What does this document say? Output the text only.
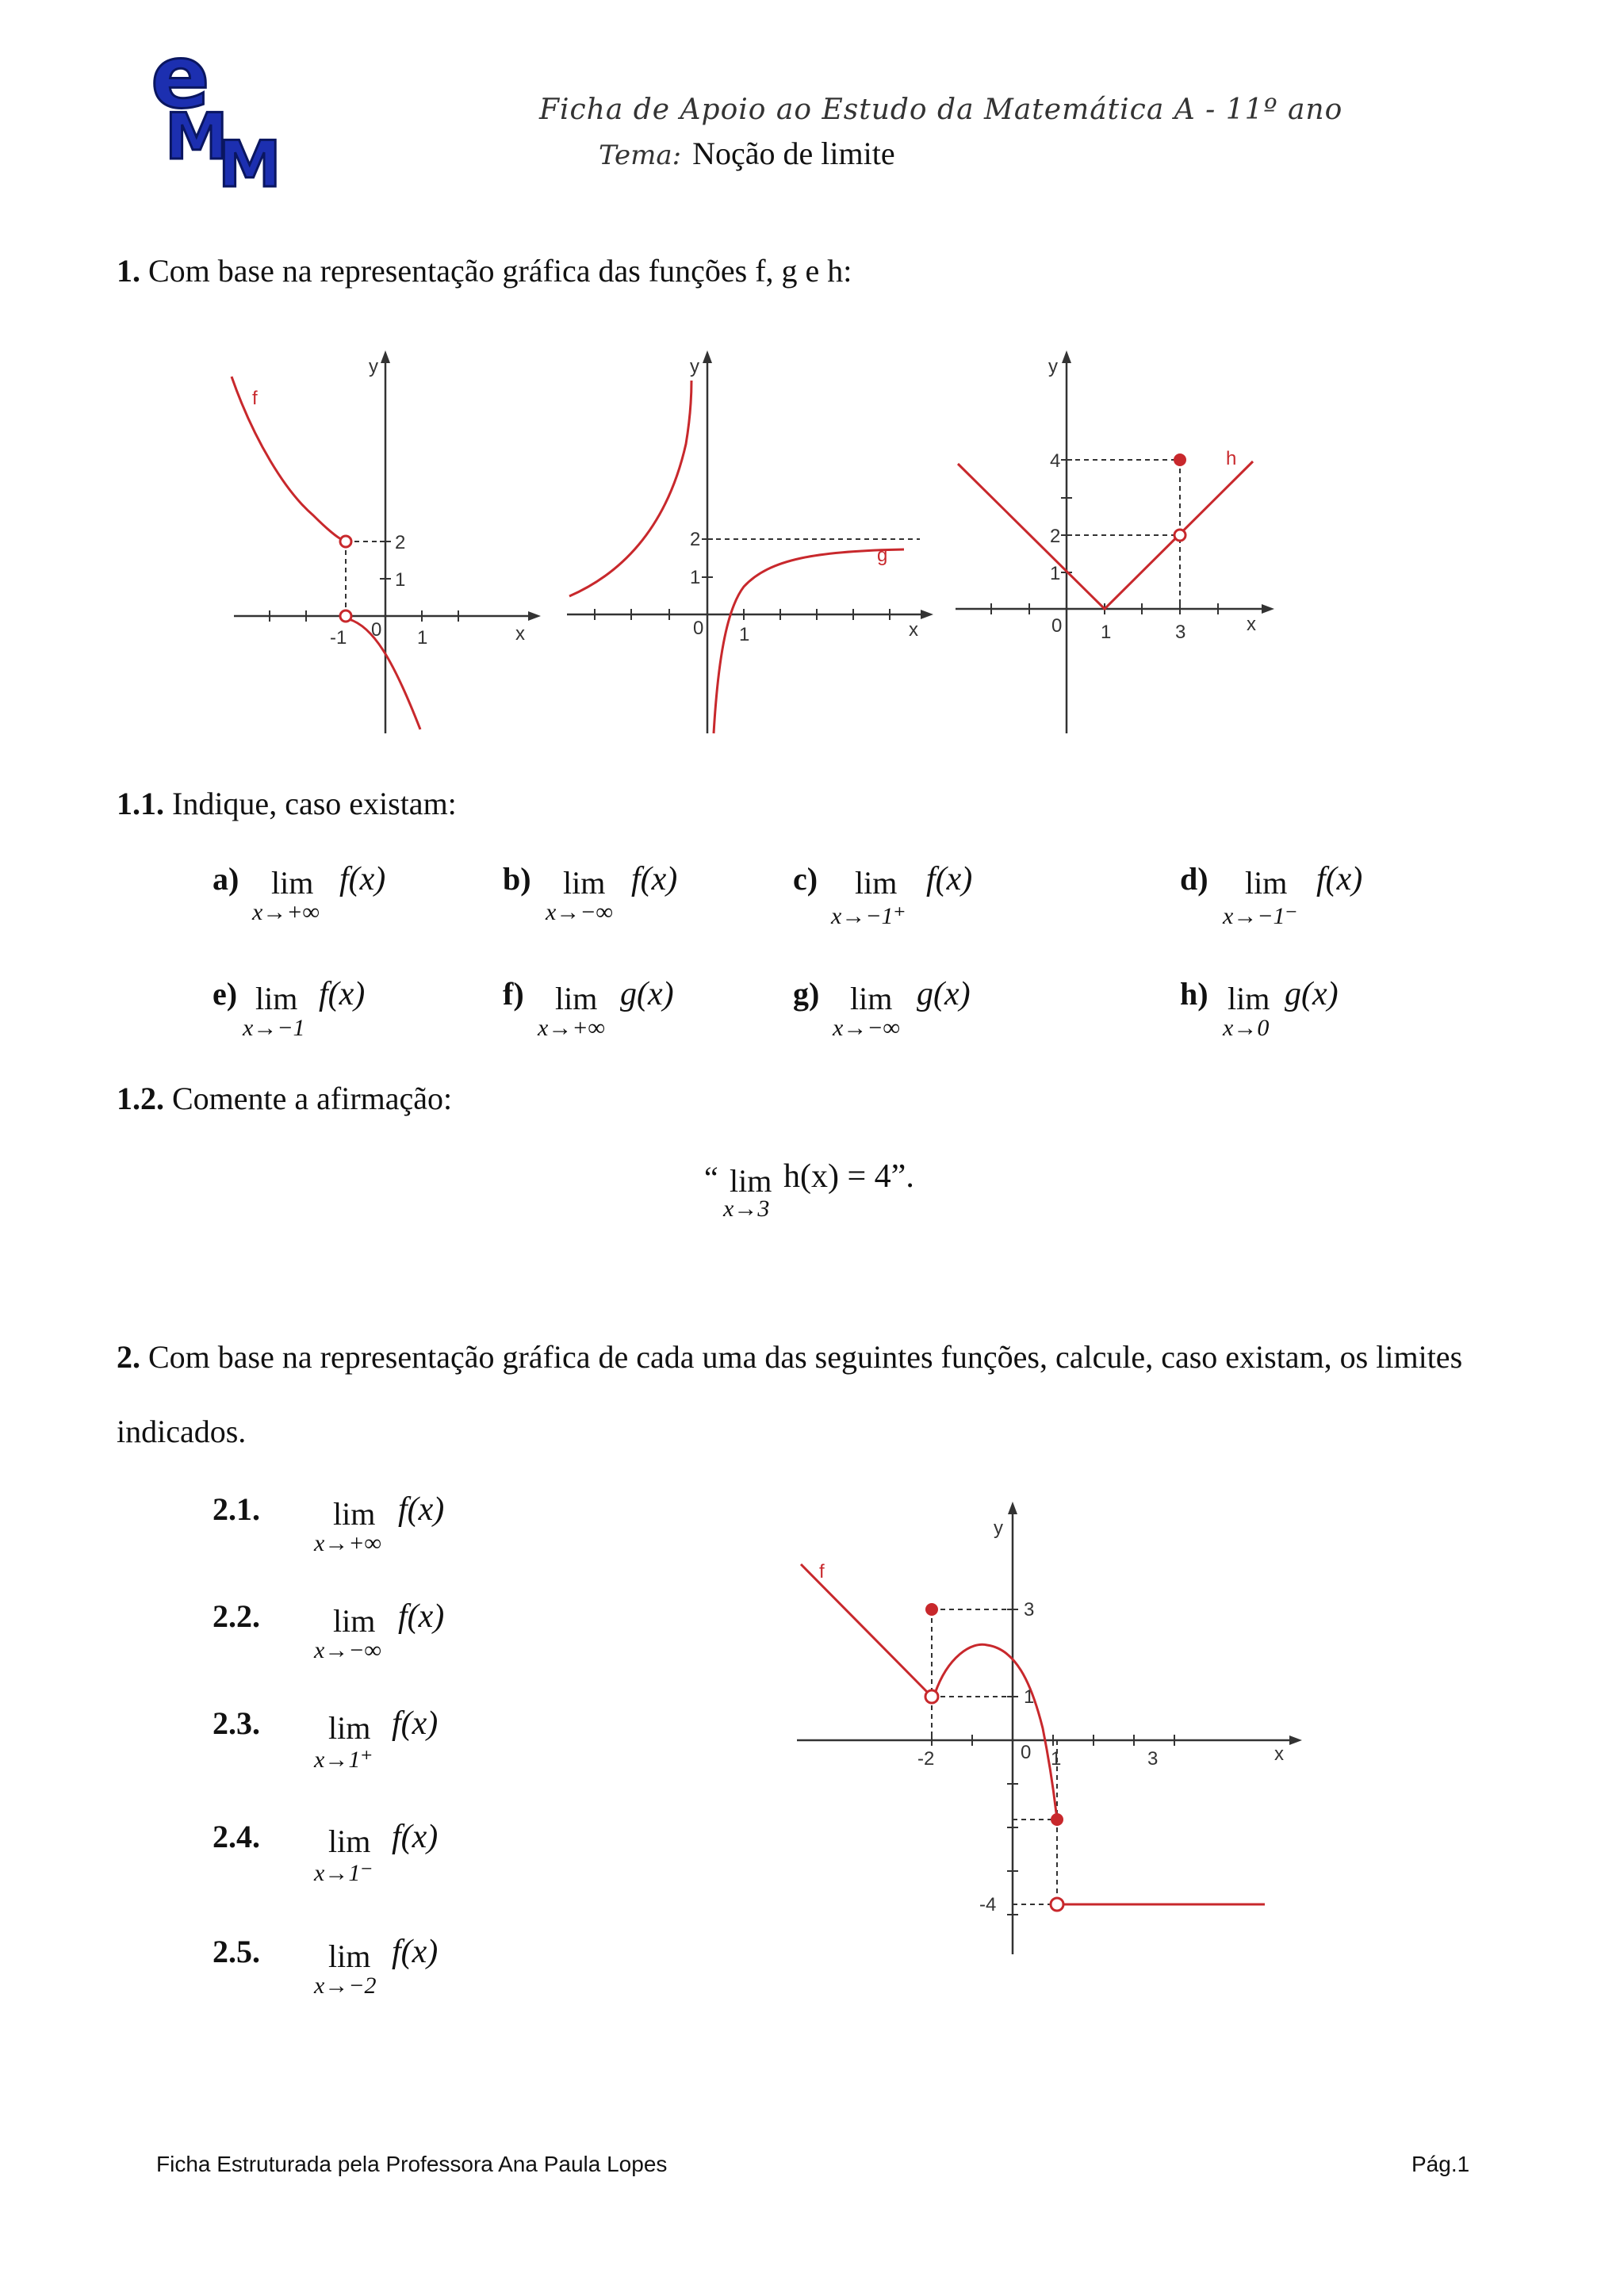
e
M
M
Ficha de Apoio ao Estudo da Matemática A - 11º ano
Tema: Noção de limite
1. Com base na representação gráfica das funções f, g e h:
f
y
x
-1 0 1
1
2
g
y
x
0 1
1
2
h
y
x
0 1	3
1
2
4
1.1. Indique, caso existam:
a) lim
x→+∞
f(x)	b) lim
x→−∞
f(x)	c) lim
x→−1⁺
f(x)	d) lim
x→−1⁻
f(x)
e) lim
x→−1
f(x)	f) lim
x→+∞
g(x)	g) lim
x→−∞
g(x)	h) lim
x→0
g(x)
1.2. Comente a afirmação:
“ lim h(x) = 4”.
x→3
2. Com base na representação gráfica de cada uma das seguintes funções, calcule, caso existam, os limites
indicados.
2.1. lim
x→+∞
f(x)
2.2. lim
x→−∞
f(x)
2.3. lim
x→1⁺
f(x)
2.4. lim
x→1⁻
f(x)
2.5. lim
x→−2
f(x)
f
y
x
-2	0 1	3
3
1
-4
Ficha Estruturada pela Professora Ana Paula Lopes	Pág.1
